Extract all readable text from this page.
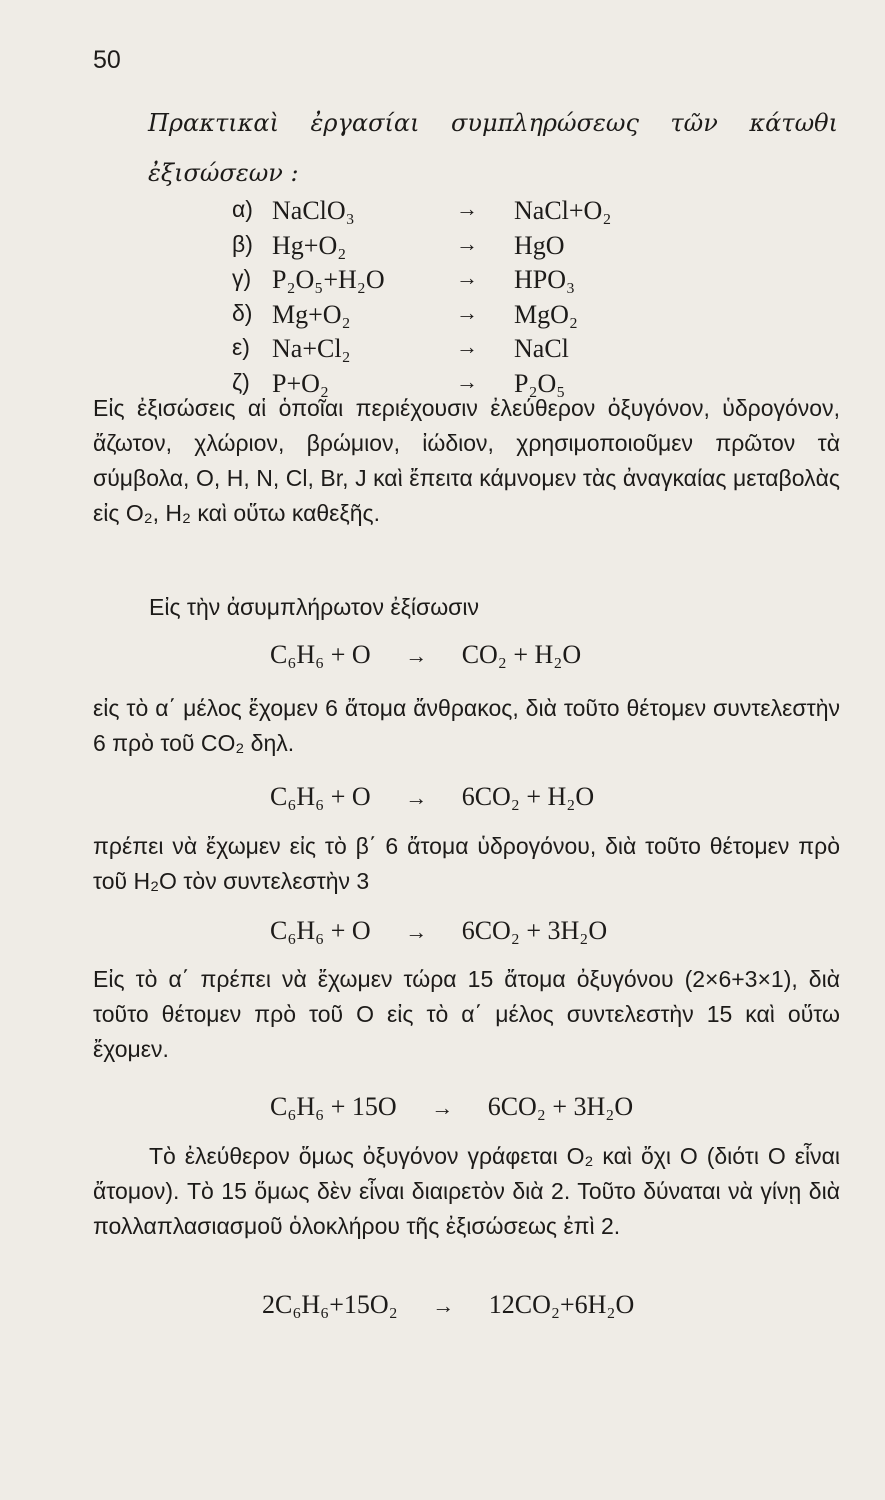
50
Πρακτικαὶ ἐργασίαι συμπληρώσεως τῶν κάτωθι ἐξισώσεων :
α) NaClO₃	→ NaCl+O₂
β) Hg+O₂	→ HgO
γ) P₂O₅+H₂O	→ HPO₃
δ) Mg+O₂	→ MgO₂
ε) Na+Cl₂	→ NaCl
ζ) P+O₂	→ P₂O₅

Εἰς ἐξισώσεις αἱ ὁποῖαι περιέχουσιν ἐλεύθερον ὀξυγόνον, ὑδρογόνον, ἄζωτον, χλώριον, βρώμιον, ἰώδιον, χρησιμοποιοῦμεν πρῶτον τὰ σύμβολα, O, H, N, Cl, Br, J καὶ ἔπειτα κάμνομεν τὰς ἀναγκαίας μεταβολὰς εἰς O₂, H₂ καὶ οὕτω καθεξῆς.

Εἰς τὴν ἀσυμπλήρωτον ἐξίσωσιν

C₆H₆ + O → CO₂ + H₂O

εἰς τὸ α΄ μέλος ἔχομεν 6 ἄτομα ἄνθρακος, διὰ τοῦτο θέτομεν συντελεστὴν 6 πρὸ τοῦ CO₂ δηλ.

C₆H₆ + O → 6CO₂ + H₂O

πρέπει νὰ ἔχωμεν εἰς τὸ β΄ 6 ἄτομα ὑδρογόνου, διὰ τοῦτο θέτομεν πρὸ τοῦ H₂O τὸν συντελεστὴν 3

C₆H₆ + O → 6CO₂ + 3H₂O

Εἰς τὸ α΄ πρέπει νὰ ἔχωμεν τώρα 15 ἄτομα ὀξυγόνου (2×6+3×1), διὰ τοῦτο θέτομεν πρὸ τοῦ O εἰς τὸ α΄ μέλος συντελεστὴν 15 καὶ οὕτω ἔχομεν.

C₆H₆ + 15O → 6CO₂ + 3H₂O

Τὸ ἐλεύθερον ὅμως ὀξυγόνον γράφεται O₂ καὶ ὄχι O (διότι O εἶναι ἄτομον). Τὸ 15 ὅμως δὲν εἶναι διαιρετὸν διὰ 2. Τοῦτο δύναται νὰ γίνῃ διὰ πολλαπλασιασμοῦ ὁλοκλήρου τῆς ἐξισώσεως ἐπὶ 2.

2C₆H₆+15O₂ → 12CO₂+6H₂O
